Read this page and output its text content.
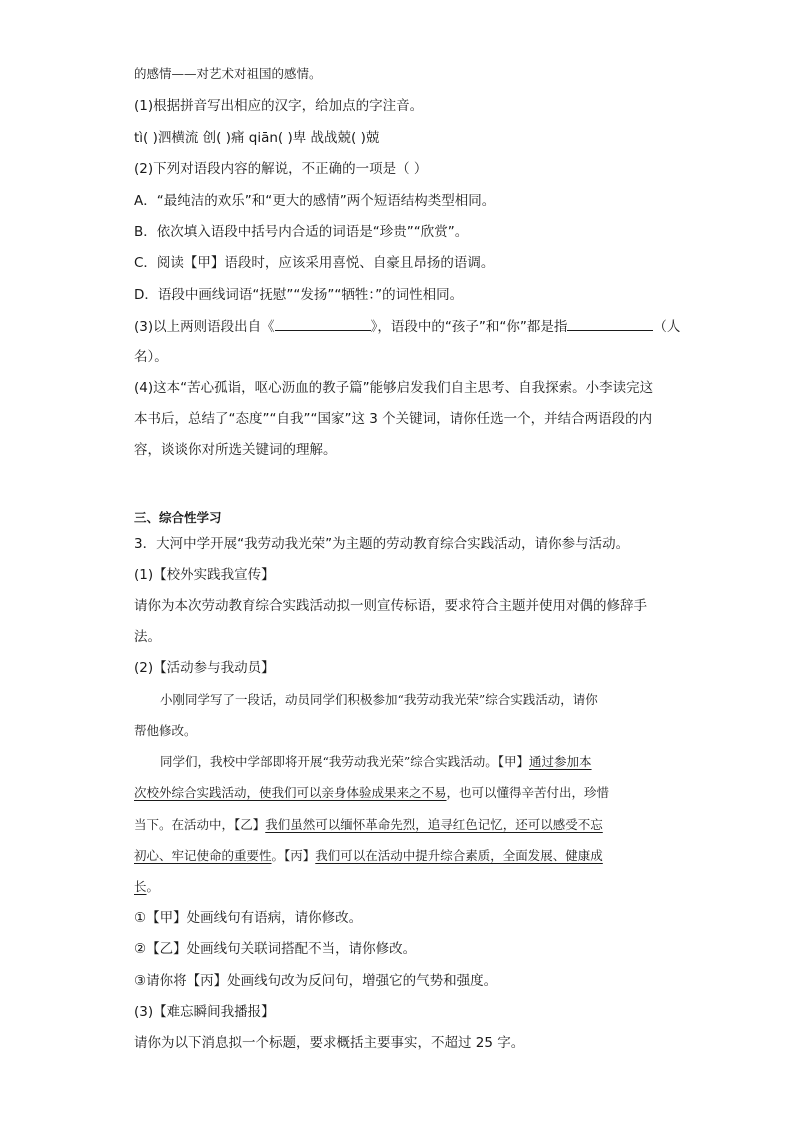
的感情——对艺术对祖国的感情。
(1)根据拼音写出相应的汉字，给加点的字注音。
tì( )泗横流 创( )痛 qiān( )卑 战战兢( )兢
(2)下列对语段内容的解说，不正确的一项是（ ）
A．“最纯洁的欢乐”和“更大的感情”两个短语结构类型相同。
B．依次填入语段中括号内合适的词语是“珍贵”“欣赏”。
C．阅读【甲】语段时，应该采用喜悦、自豪且昂扬的语调。
D．语段中画线词语“抚慰”“发扬”“牺牲：”的词性相同。
(3)以上两则语段出自《	》，语段中的“孩子”和“你”都是指	（人
名）。
(4)这本“苦心孤诣，呕心沥血的教子篇”能够启发我们自主思考、自我探索。小李读完这
本书后，总结了“态度”“自我”“国家”这 3 个关键词，请你任选一个，并结合两语段的内
容，谈谈你对所选关键词的理解。
三、综合性学习
3．大河中学开展“我劳动我光荣”为主题的劳动教育综合实践活动，请你参与活动。
(1)【校外实践我宣传】
请你为本次劳动教育综合实践活动拟一则宣传标语，要求符合主题并使用对偶的修辞手
法。
(2)【活动参与我动员】
小刚同学写了一段话，动员同学们积极参加“我劳动我光荣”综合实践活动，请你
帮他修改。
同学们，我校中学部即将开展“我劳动我光荣”综合实践活动。【甲】通过参加本
次校外综合实践活动，使我们可以亲身体验成果来之不易，也可以懂得辛苦付出，珍惜
当下。在活动中，【乙】我们虽然可以缅怀革命先烈，追寻红色记忆，还可以感受不忘
初心、牢记使命的重要性。【丙】我们可以在活动中提升综合素质，全面发展、健康成
长。
①【甲】处画线句有语病，请你修改。
②【乙】处画线句关联词搭配不当，请你修改。
③请你将【丙】处画线句改为反问句，增强它的气势和强度。
(3)【难忘瞬间我播报】
请你为以下消息拟一个标题，要求概括主要事实，不超过 25 字。
